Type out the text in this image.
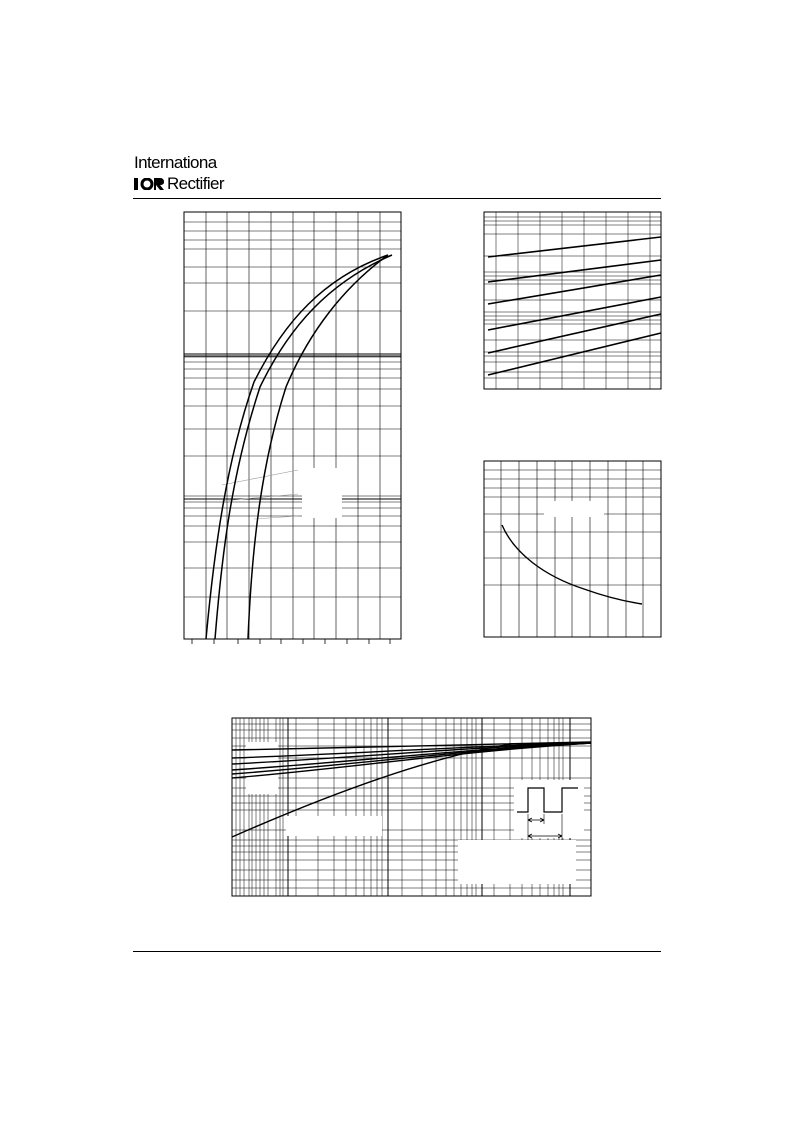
Internationa
Rectifier
